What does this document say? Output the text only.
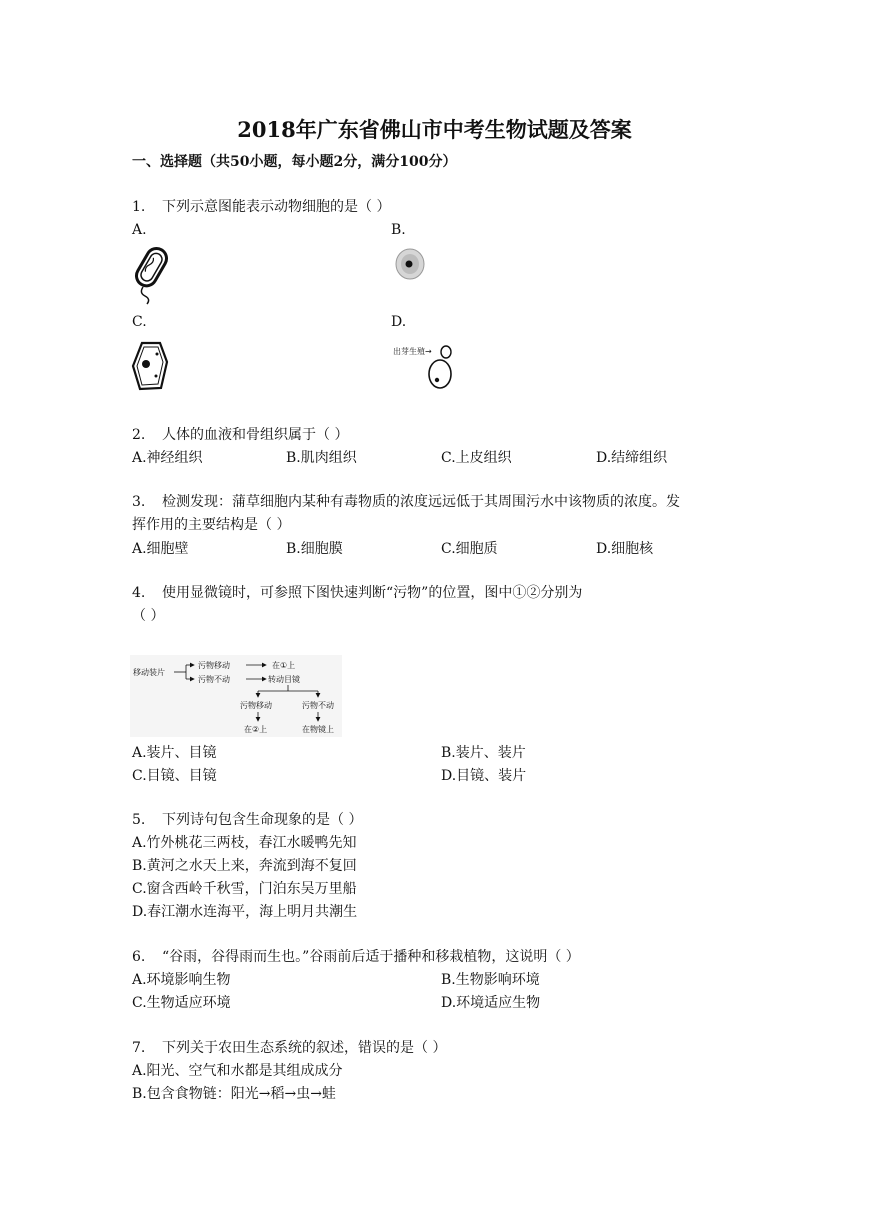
2018年广东省佛山市中考生物试题及答案
一、选择题（共50小题，每小题2分，满分100分）
1. 下列示意图能表示动物细胞的是（ ）
A.	B.
C.	D.
出芽生殖→
2. 人体的血液和骨组织属于（ ）
A.神经组织	B.肌肉组织	C.上皮组织	D.结缔组织
3. 检测发现：蒲草细胞内某种有毒物质的浓度远远低于其周围污水中该物质的浓度。发
挥作用的主要结构是（ ）
A.细胞壁	B.细胞膜	C.细胞质	D.细胞核
4. 使用显微镜时，可参照下图快速判断“污物”的位置，图中①②分别为
（ ）
移动装片
污物移动
污物不动
在①上
转动目镜
污物移动	污物不动
在②上	在物镜上
A.装片、目镜	B.装片、装片
C.目镜、目镜	D.目镜、装片
5. 下列诗句包含生命现象的是（ ）
A.竹外桃花三两枝，春江水暖鸭先知
B.黄河之水天上来，奔流到海不复回
C.窗含西岭千秋雪，门泊东吴万里船
D.春江潮水连海平，海上明月共潮生
6. “谷雨，谷得雨而生也。”谷雨前后适于播种和移栽植物，这说明（ ）
A.环境影响生物	B.生物影响环境
C.生物适应环境	D.环境适应生物
7. 下列关于农田生态系统的叙述，错误的是（ ）
A.阳光、空气和水都是其组成成分
B.包含食物链：阳光→稻→虫→蛙
